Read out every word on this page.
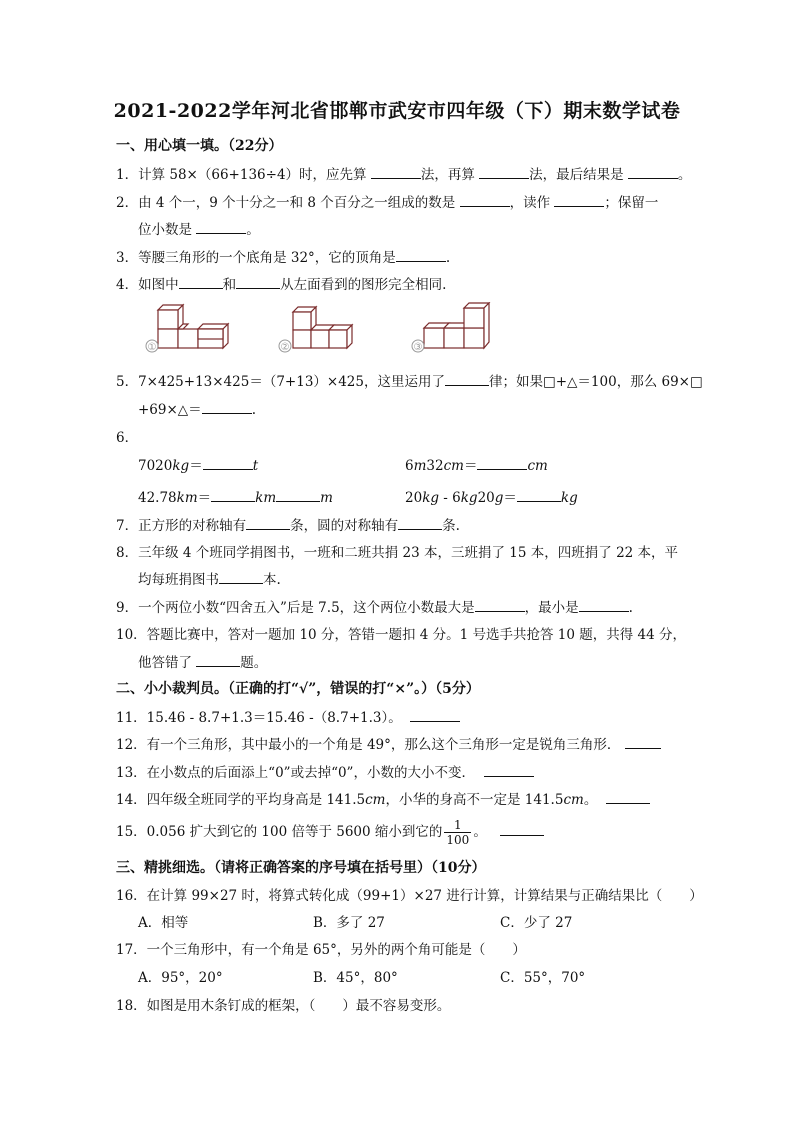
2021-2022学年河北省邯郸市武安市四年级（下）期末数学试卷
一、用心填一填。（22分）
1．计算 58×（66+136÷4）时，应先算	法，再算	法，最后结果是	。
2．由 4 个一，9 个十分之一和 8 个百分之一组成的数是	，读作	；保留一
位小数是	。
3．等腰三角形的一个底角是 32°，它的顶角是	.
4．如图中	和	从左面看到的图形完全相同.
①	②	③
5．7×425+13×425＝（7+13）×425，这里运用了	律；如果□+△＝100，那么 69×□
+69×△＝	.
6．
7020kg＝	t	6m32cm＝	cm
42.78km＝	km	m	20kg - 6kg20g＝	kg
7．正方形的对称轴有	条，圆的对称轴有	条.
8．三年级 4 个班同学捐图书，一班和二班共捐 23 本，三班捐了 15 本，四班捐了 22 本，平
均每班捐图书	本.
9．一个两位小数“四舍五入”后是 7.5，这个两位小数最大是	，最小是	.
10．答题比赛中，答对一题加 10 分，答错一题扣 4 分。1 号选手共抢答 10 题，共得 44 分，
他答错了	题。
二、小小裁判员。（正确的打“√”，错误的打“×”。）（5分）
11．15.46 - 8.7+1.3＝15.46 -（8.7+1.3）。
12．有一个三角形，其中最小的一个角是 49°，那么这个三角形一定是锐角三角形．
13．在小数点的后面添上“0”或去掉“0”，小数的大小不变．
14．四年级全班同学的平均身高是 141.5cm，小华的身高不一定是 141.5cm。
15．0.056 扩大到它的 100 倍等于 5600 缩小到它的 $\frac{1}{100}$ 。
三、精挑细选。（请将正确答案的序号填在括号里）（10分）
16．在计算 99×27 时，将算式转化成（99+1）×27 进行计算，计算结果与正确结果比（　　）
A．相等	B．多了 27	C．少了 27
17．一个三角形中，有一个角是 65°，另外的两个角可能是（　　）
A．95°，20°	B．45°，80°	C．55°，70°
18．如图是用木条钉成的框架，（　　）最不容易变形。
